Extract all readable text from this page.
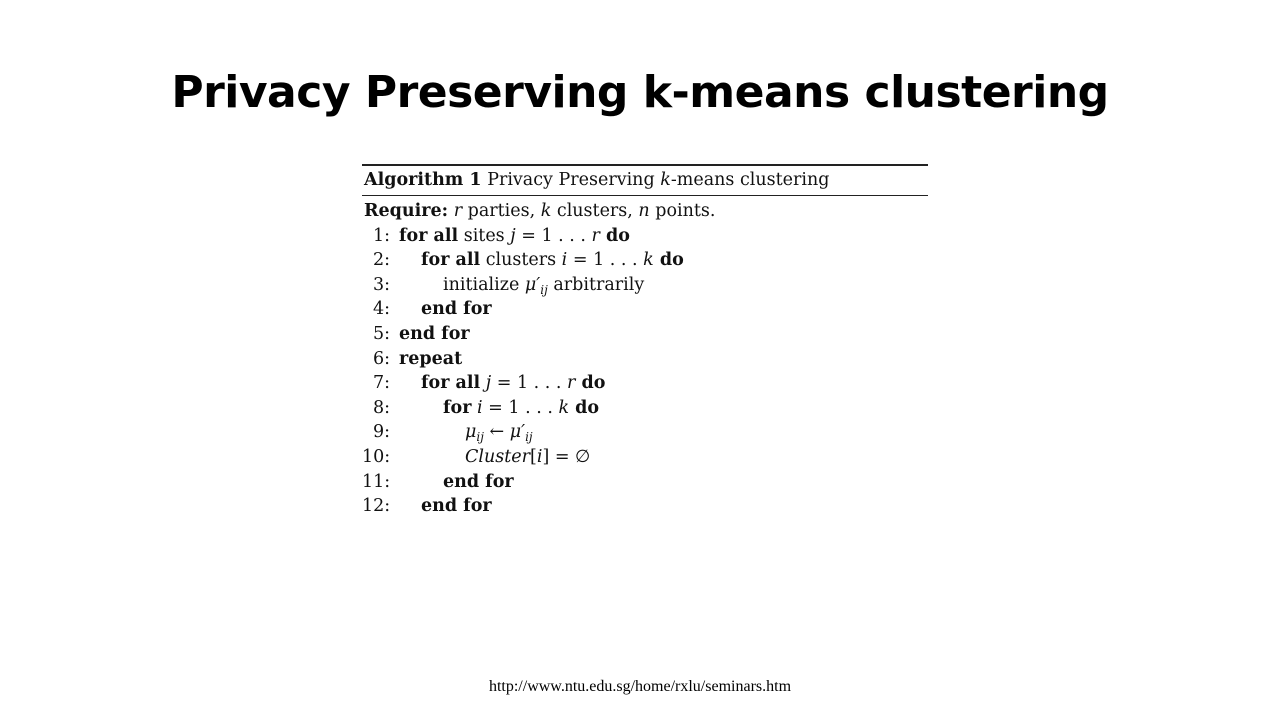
Privacy Preserving k-means clustering
Algorithm 1 Privacy Preserving k-means clustering
Require: r parties, k clusters, n points.
1: for all sites j = 1 . . . r do
2:	for all clusters i = 1 . . . k do
3:	initialize $\mu'_{ij}$ arbitrarily
4:	end for
5: end for
6: repeat
7:	for all j = 1 . . . r do
8:	for i = 1 . . . k do
9:	$\mu_{ij}$ ← $\mu'_{ij}$
10:	Cluster[i] = ∅
11:	end for
12:	end for
http://www.ntu.edu.sg/home/rxlu/seminars.htm
